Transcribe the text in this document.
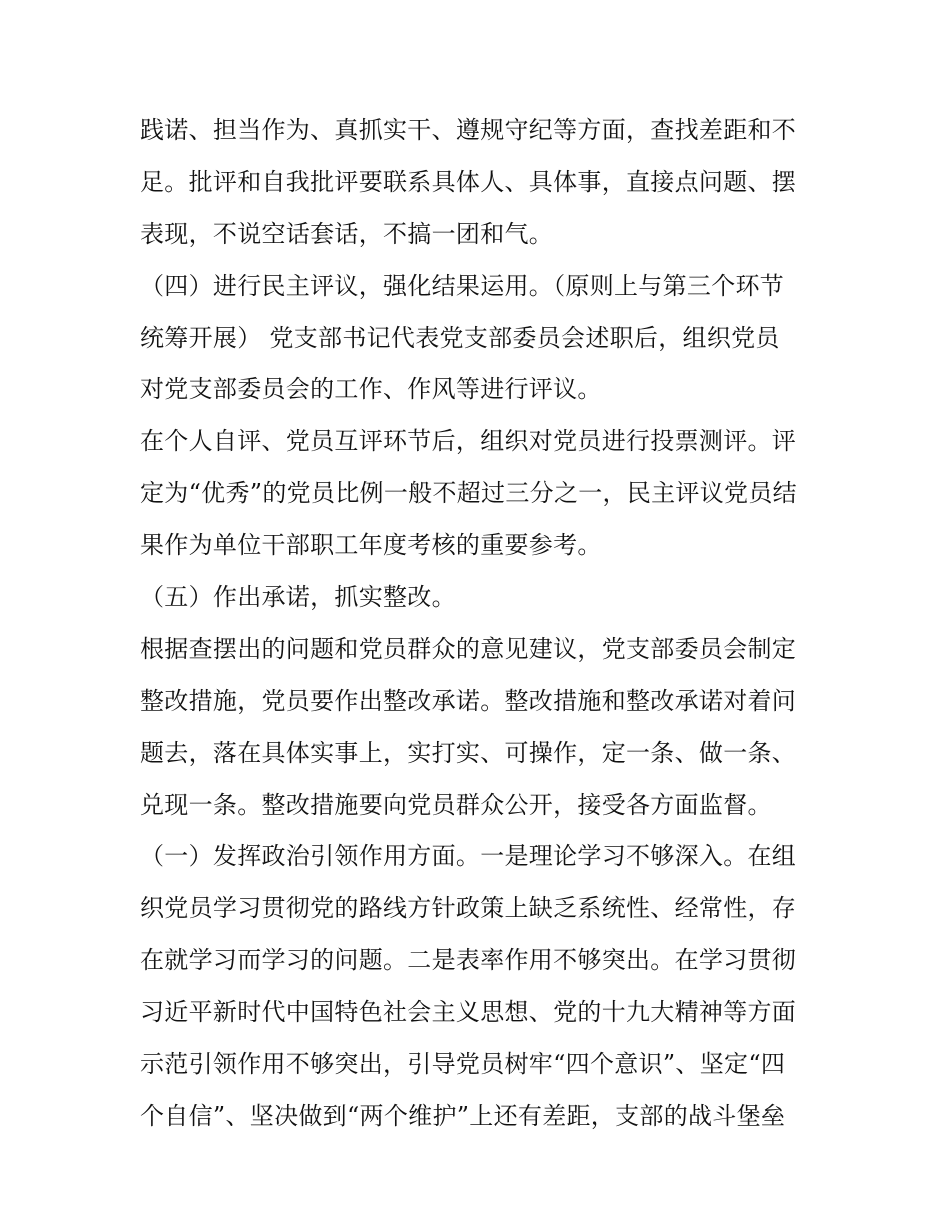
践诺、担当作为、真抓实干、遵规守纪等方面，查找差距和不
足。批评和自我批评要联系具体人、具体事，直接点问题、摆
表现，不说空话套话，不搞一团和气。
（四）进行民主评议，强化结果运用。（原则上与第三个环节
统筹开展） 党支部书记代表党支部委员会述职后，组织党员
对党支部委员会的工作、作风等进行评议。
在个人自评、党员互评环节后，组织对党员进行投票测评。评
定为“优秀”的党员比例一般不超过三分之一，民主评议党员结
果作为单位干部职工年度考核的重要参考。
（五）作出承诺，抓实整改。
根据查摆出的问题和党员群众的意见建议，党支部委员会制定
整改措施，党员要作出整改承诺。整改措施和整改承诺对着问
题去，落在具体实事上，实打实、可操作，定一条、做一条、
兑现一条。整改措施要向党员群众公开，接受各方面监督。
（一）发挥政治引领作用方面。一是理论学习不够深入。在组
织党员学习贯彻党的路线方针政策上缺乏系统性、经常性，存
在就学习而学习的问题。二是表率作用不够突出。在学习贯彻
习近平新时代中国特色社会主义思想、党的十九大精神等方面
示范引领作用不够突出，引导党员树牢“四个意识”、坚定“四
个自信”、坚决做到“两个维护”上还有差距，支部的战斗堡垒
